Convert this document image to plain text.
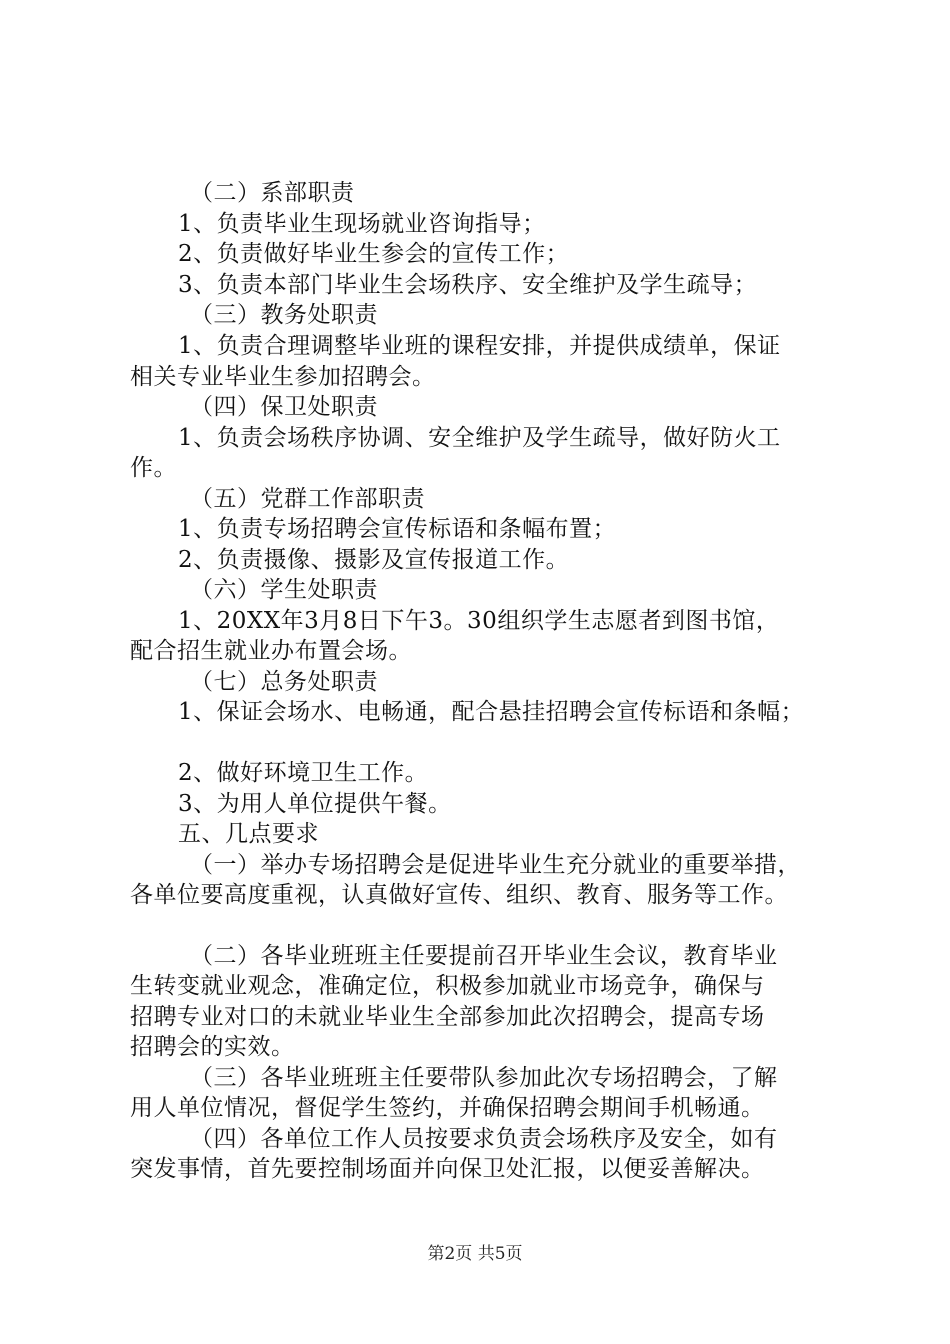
（二）系部职责
1、负责毕业生现场就业咨询指导；
2、负责做好毕业生参会的宣传工作；
3、负责本部门毕业生会场秩序、安全维护及学生疏导；
（三）教务处职责
1、负责合理调整毕业班的课程安排，并提供成绩单，保证
相关专业毕业生参加招聘会。
（四）保卫处职责
1、负责会场秩序协调、安全维护及学生疏导，做好防火工
作。
（五）党群工作部职责
1、负责专场招聘会宣传标语和条幅布置；
2、负责摄像、摄影及宣传报道工作。
（六）学生处职责
1、20XX年3月8日下午3。30组织学生志愿者到图书馆，
配合招生就业办布置会场。
（七）总务处职责
1、保证会场水、电畅通，配合悬挂招聘会宣传标语和条幅；
2、做好环境卫生工作。
3、为用人单位提供午餐。
五、几点要求
（一）举办专场招聘会是促进毕业生充分就业的重要举措，
各单位要高度重视，认真做好宣传、组织、教育、服务等工作。
（二）各毕业班班主任要提前召开毕业生会议，教育毕业
生转变就业观念，准确定位，积极参加就业市场竞争，确保与
招聘专业对口的未就业毕业生全部参加此次招聘会，提高专场
招聘会的实效。
（三）各毕业班班主任要带队参加此次专场招聘会，了解
用人单位情况，督促学生签约，并确保招聘会期间手机畅通。
（四）各单位工作人员按要求负责会场秩序及安全，如有
突发事情，首先要控制场面并向保卫处汇报，以便妥善解决。
第2页 共5页
